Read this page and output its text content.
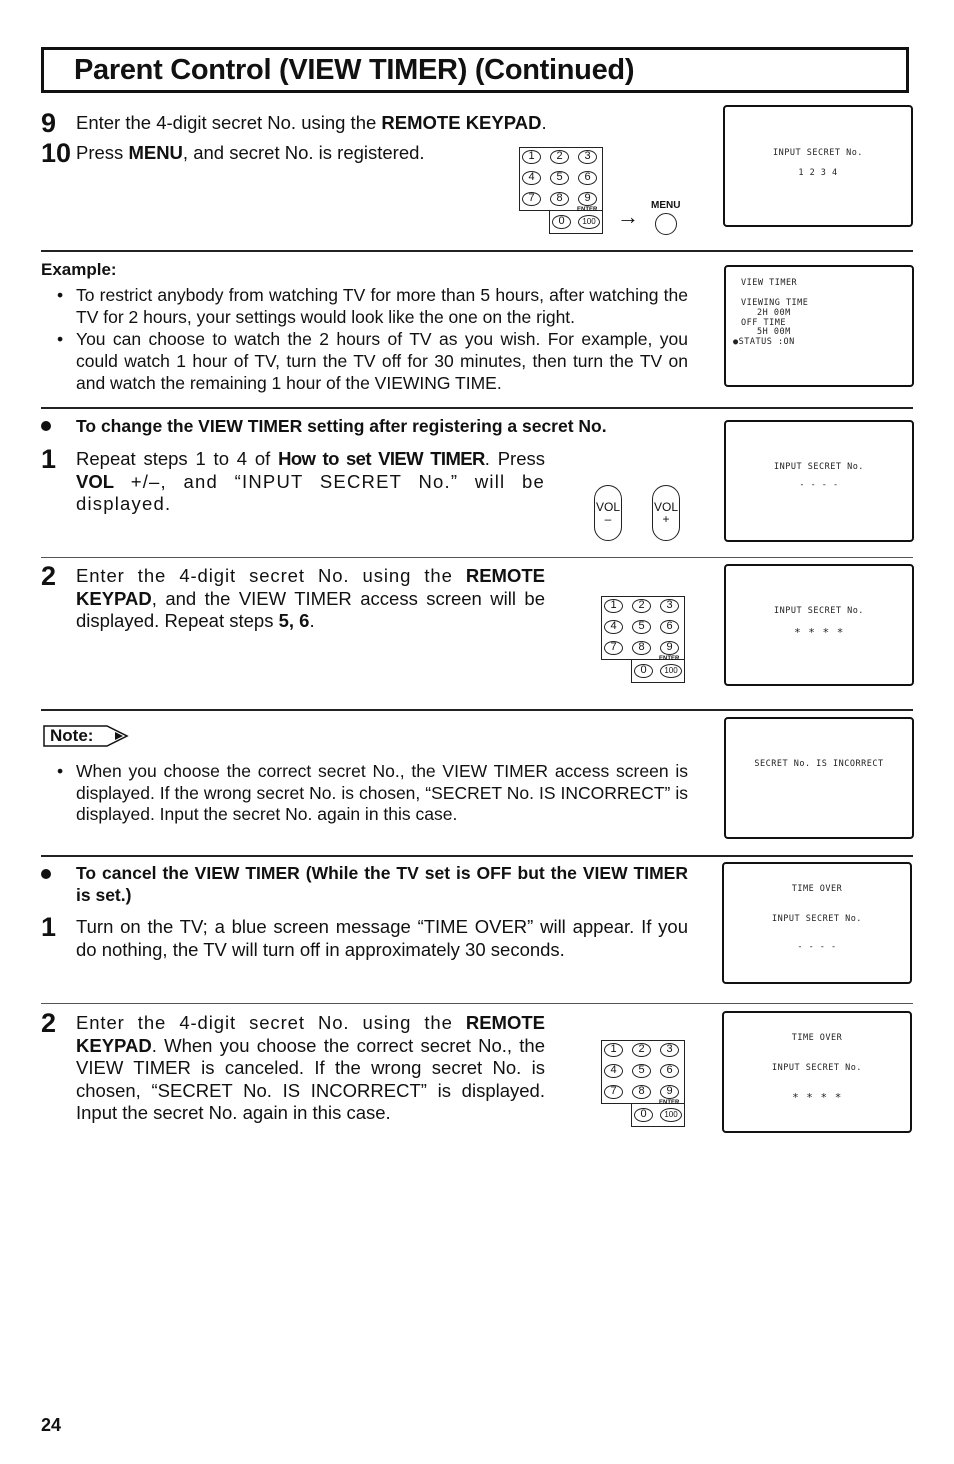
Parent Control (VIEW TIMER) (Continued)
9 Enter the 4-digit secret No. using the REMOTE KEYPAD.
10 Press MENU, and secret No. is registered.	1	2	3
4	5	6
7	8	9
0	100
ENTER → MENU
INPUT SECRET No.
1 2 3 4
Example:
• To restrict anybody from watching TV for more than 5 hours, after watching the TV for 2 hours, your settings would look like the one on the right.
• You can choose to watch the 2 hours of TV as you wish. For example, you could watch 1 hour of TV, turn the TV off for 30 minutes, then turn the TV on and watch the remaining 1 hour of the VIEWING TIME.
VIEW TIMER
VIEWING TIME
2H 00M
OFF TIME
5H 00M
●STATUS :ON
To change the VIEW TIMER setting after registering a secret No.
1 Repeat steps 1 to 4 of How to set VIEW TIMER. Press VOL +/–, and “INPUT SECRET No.” will be displayed.	VOL
–
VOL
+
INPUT SECRET No.
- - - -
2 Enter the 4-digit secret No. using the REMOTE KEYPAD, and the VIEW TIMER access screen will be displayed. Repeat steps 5, 6.
1	2	3
4	5	6
7	8	9
0	100
ENTER
INPUT SECRET No.
* * * *
Note:
• When you choose the correct secret No., the VIEW TIMER access screen is displayed. If the wrong secret No. is chosen, “SECRET No. IS INCORRECT” is displayed. Input the secret No. again in this case.
SECRET No. IS INCORRECT
To cancel the VIEW TIMER (While the TV set is OFF but the VIEW TIMER is set.)
1 Turn on the TV; a blue screen message “TIME OVER” will appear. If you do nothing, the TV will turn off in approximately 30 seconds.
TIME OVER
INPUT SECRET No.
- - - -
2 Enter the 4-digit secret No. using the REMOTE KEYPAD. When you choose the correct secret No., the VIEW TIMER is canceled. If the wrong secret No. is chosen, “SECRET No. IS INCORRECT” is displayed. Input the secret No. again in this case.
1	2	3
4	5	6
7	8	9
0	100
ENTER
TIME OVER
INPUT SECRET No.
* * * *
24
